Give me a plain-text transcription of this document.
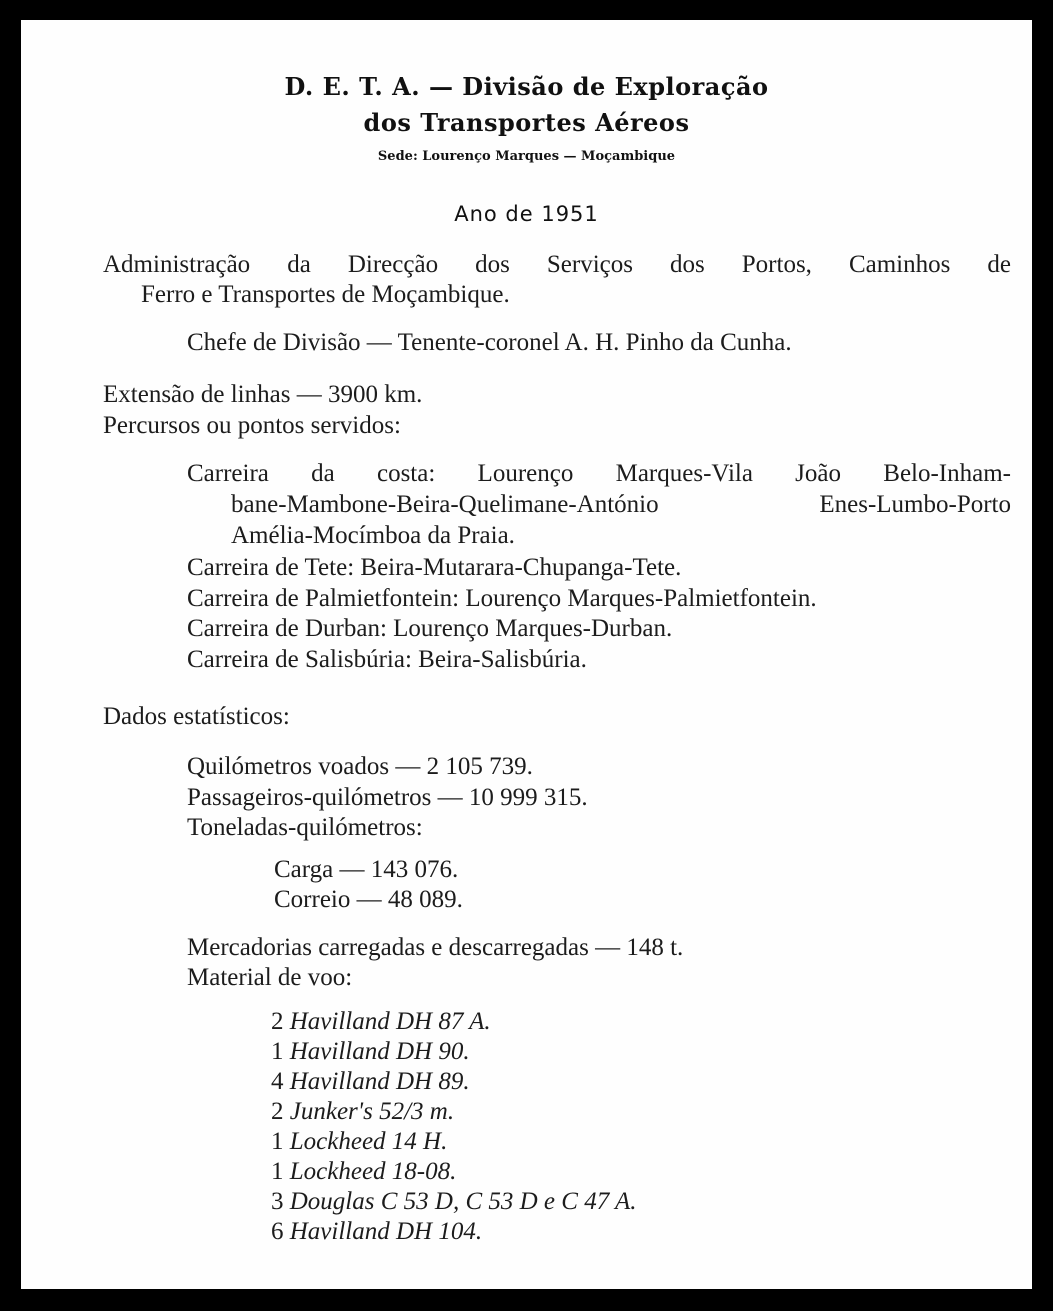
D. E. T. A. — Divisão de Exploração
dos Transportes Aéreos
Sede: Lourenço Marques — Moçambique
Ano de 1951
Administração da Direcção dos Serviços dos Portos, Caminhos de
Ferro e Transportes de Moçambique.
Chefe de Divisão — Tenente-coronel A. H. Pinho da Cunha.
Extensão de linhas — 3900 km.
Percursos ou pontos servidos:
Carreira da costa: Lourenço Marques-Vila João Belo-Inham-
bane-Mambone-Beira-Quelimane-António Enes-Lumbo-Porto
Amélia-Mocímboa da Praia.
Carreira de Tete: Beira-Mutarara-Chupanga-Tete.
Carreira de Palmietfontein: Lourenço Marques-Palmietfontein.
Carreira de Durban: Lourenço Marques-Durban.
Carreira de Salisbúria: Beira-Salisbúria.
Dados estatísticos:
Quilómetros voados — 2 105 739.
Passageiros-quilómetros — 10 999 315.
Toneladas-quilómetros:
Carga — 143 076.
Correio — 48 089.
Mercadorias carregadas e descarregadas — 148 t.
Material de voo:
2 Havilland DH 87 A.
1 Havilland DH 90.
4 Havilland DH 89.
2 Junker's 52/3 m.
1 Lockheed 14 H.
1 Lockheed 18-08.
3 Douglas C 53 D, C 53 D e C 47 A.
6 Havilland DH 104.
